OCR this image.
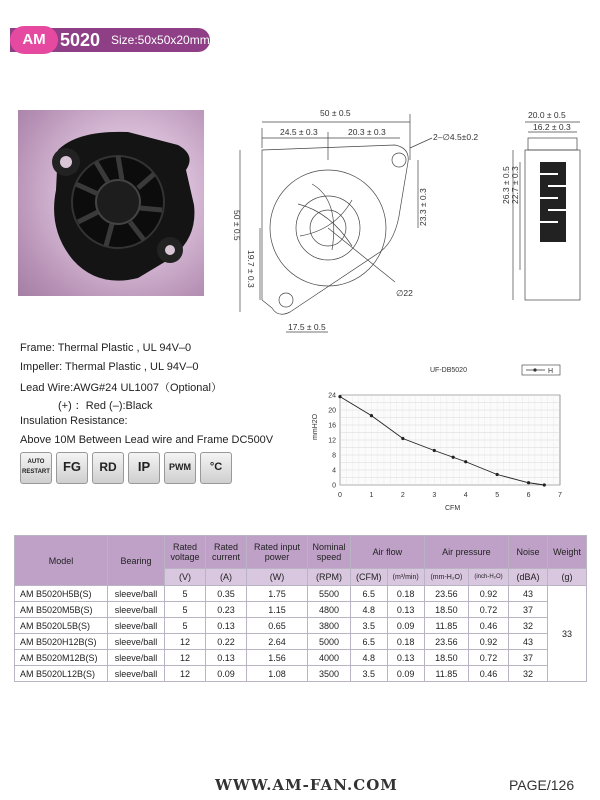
AM 5020 Size:50x50x20mm
50 ± 0.5
24.5 ± 0.3	20.3 ± 0.3	2–∅4.5±0.2
23.3 ± 0.3
50 ± 0.5
19.7 ± 0.3
17.5 ± 0.5
∅22
20.0 ± 0.5
16.2 ± 0.3
26.3 ± 0.5 22.7 ± 0.3
Frame: Thermal Plastic , UL 94V–0
Impeller: Thermal Plastic , UL 94V–0
Lead Wire:AWG#24 UL1007（Optional）
(+) ：Red (–):Black
Insulation Resistance:
Above 10M Between Lead wire and Frame DC500V
AUTO RESTART	FG	RD	IP	PWM	°C
UF-DB5020	H
mmH2O
CFM
0
4
8
12
16
20
24
0	1	2	3	4	5	6	7
Model	Bearing	Rated voltage	Rated current	Rated input power	Nominal speed	Air flow		Air pressure		Noise	Weight
		(V)	(A)	(W)	(RPM)	(CFM)	(m³/min)	(mm-H₂O)	(inch-H₂O)	(dBA)	(g)
AM B5020H5B(S)	sleeve/ball	5	0.35	1.75	5500	6.5	0.18	23.56	0.92	43	33
AM B5020M5B(S)	sleeve/ball	5	0.23	1.15	4800	4.8	0.13	18.50	0.72	37	
AM B5020L5B(S)	sleeve/ball	5	0.13	0.65	3800	3.5	0.09	11.85	0.46	32	
AM B5020H12B(S)	sleeve/ball	12	0.22	2.64	5000	6.5	0.18	23.56	0.92	43	
AM B5020M12B(S)	sleeve/ball	12	0.13	1.56	4000	4.8	0.13	18.50	0.72	37	
AM B5020L12B(S)	sleeve/ball	12	0.09	1.08	3500	3.5	0.09	11.85	0.46	32	
WWW.AM-FAN.COM	PAGE/126
